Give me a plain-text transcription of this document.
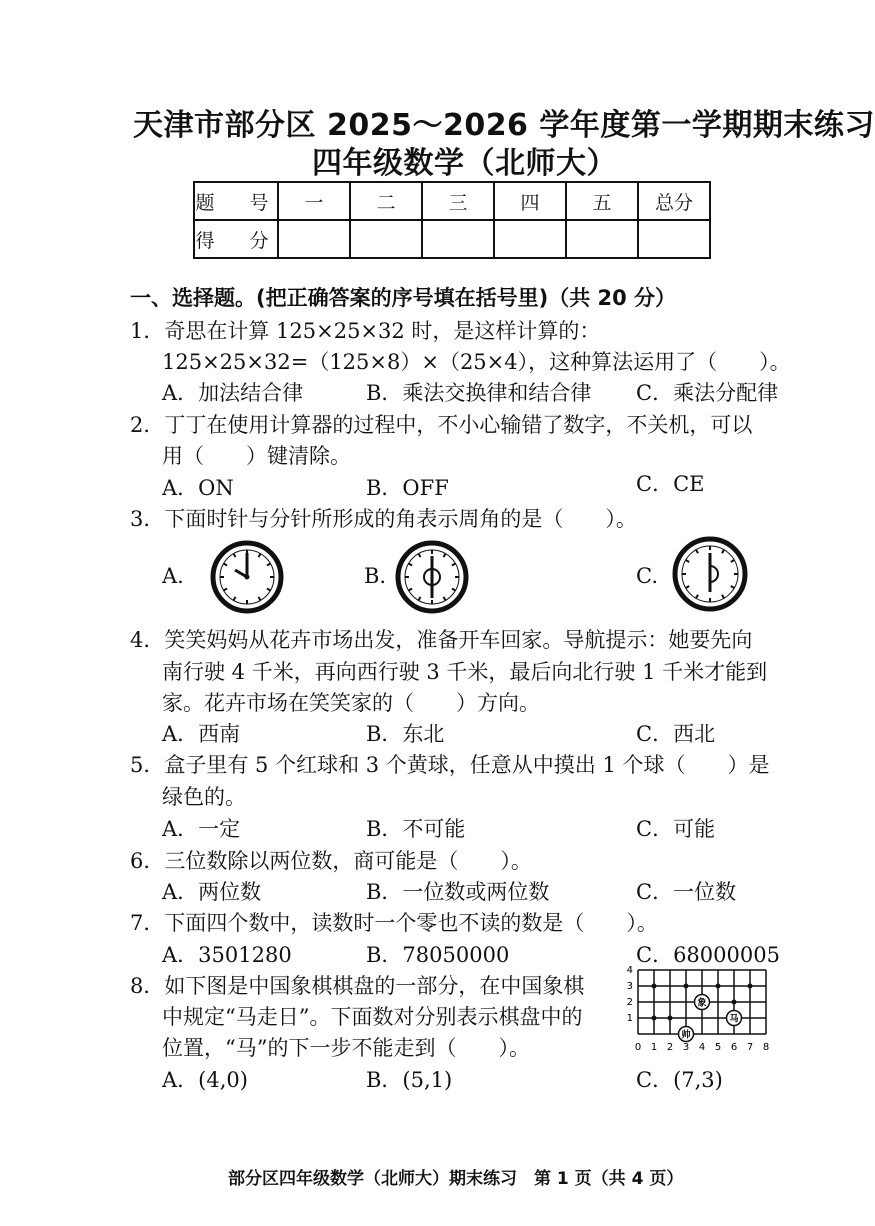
天津市部分区 2025～2026 学年度第一学期期末练习
四年级数学（北师大）
题　号	一	二	三	四	五	总分
得　分						
一、选择题。(把正确答案的序号填在括号里)（共 20 分）
1．奇思在计算 125×25×32 时，是这样计算的：
125×25×32=（125×8）×（25×4），这种算法运用了（　　）。
A．加法结合律	B．乘法交换律和结合律 C．乘法分配律
2．丁丁在使用计算器的过程中，不小心输错了数字，不关机，可以
用（　　）键清除。
A．ON	B．OFF	C．CE
3．下面时针与分针所形成的角表示周角的是（　　）。
A.	B.	C.
4．笑笑妈妈从花卉市场出发，准备开车回家。导航提示：她要先向
南行驶 4 千米，再向西行驶 3 千米，最后向北行驶 1 千米才能到
家。花卉市场在笑笑家的（　　）方向。
A．西南	B．东北	C．西北
5．盒子里有 5 个红球和 3 个黄球，任意从中摸出 1 个球（　　）是
绿色的。
A．一定	B．不可能	C．可能
6．三位数除以两位数，商可能是（　　）。
A．两位数	B．一位数或两位数	C．一位数
7．下面四个数中，读数时一个零也不读的数是（　　）。
A．3501280	B．78050000	C．68000005
8．如下图是中国象棋棋盘的一部分，在中国象棋
中规定“马走日”。下面数对分别表示棋盘中的
位置，“马”的下一步不能走到（　　）。
A．(4,0)	B．(5,1)	C．(7,3)
0 1 2 3 4 5 6 7 8
1
2
3
4
象
马
帅
部分区四年级数学（北师大）期末练习　第 1 页（共 4 页）
